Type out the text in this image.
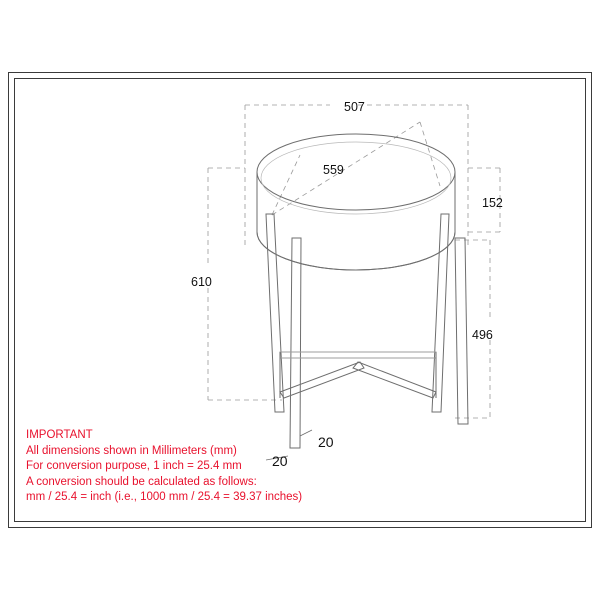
507
559
152
610
496
20
20
IMPORTANT
All dimensions shown in Millimeters (mm)
For conversion purpose, 1 inch = 25.4 mm
A conversion should be calculated as follows:
mm / 25.4 = inch (i.e., 1000 mm / 25.4 = 39.37 inches)
